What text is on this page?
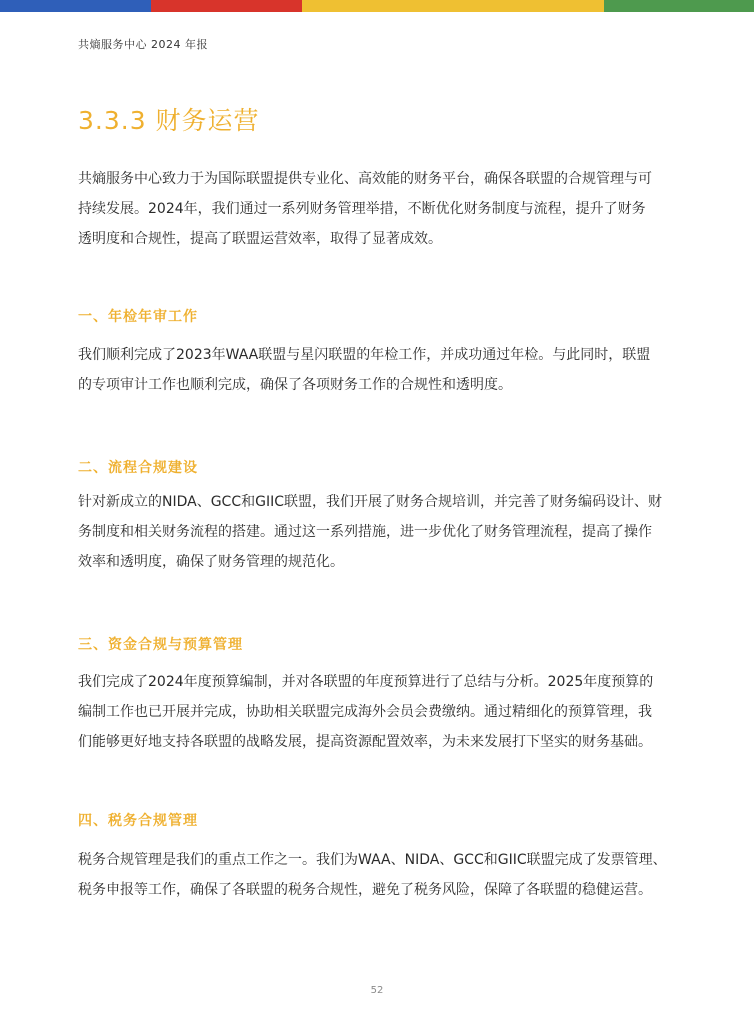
共熵服务中心 2024 年报
3.3.3 财务运营

共熵服务中心致力于为国际联盟提供专业化、高效能的财务平台，确保各联盟的合规管理与可
持续发展。2024年，我们通过一系列财务管理举措，不断优化财务制度与流程，提升了财务
透明度和合规性，提高了联盟运营效率，取得了显著成效。

一、年检年审工作

我们顺利完成了2023年WAA联盟与星闪联盟的年检工作，并成功通过年检。与此同时，联盟
的专项审计工作也顺利完成，确保了各项财务工作的合规性和透明度。

二、流程合规建设

针对新成立的NIDA、GCC和GIIC联盟，我们开展了财务合规培训，并完善了财务编码设计、财
务制度和相关财务流程的搭建。通过这一系列措施，进一步优化了财务管理流程，提高了操作
效率和透明度，确保了财务管理的规范化。

三、资金合规与预算管理

我们完成了2024年度预算编制，并对各联盟的年度预算进行了总结与分析。2025年度预算的
编制工作也已开展并完成，协助相关联盟完成海外会员会费缴纳。通过精细化的预算管理，我
们能够更好地支持各联盟的战略发展，提高资源配置效率，为未来发展打下坚实的财务基础。

四、税务合规管理

税务合规管理是我们的重点工作之一。我们为WAA、NIDA、GCC和GIIC联盟完成了发票管理、
税务申报等工作，确保了各联盟的税务合规性，避免了税务风险，保障了各联盟的稳健运营。

52
